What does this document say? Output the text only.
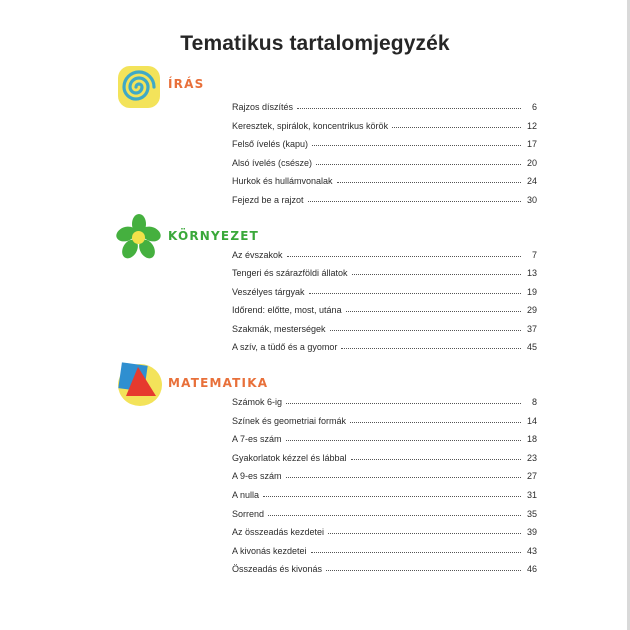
Tematikus tartalomjegyzék
ÍRÁS
KÖRNYEZET
MATEMATIKA
Rajzos díszítés	6
Keresztek, spirálok, koncentrikus körök	12
Felső ívelés (kapu)	17
Alsó ívelés (csésze)	20
Hurkok és hullámvonalak	24
Fejezd be a rajzot	30
Az évszakok	7
Tengeri és szárazföldi állatok	13
Veszélyes tárgyak	19
Időrend: előtte, most, utána	29
Szakmák, mesterségek	37
A szív, a tüdő és a gyomor	45
Számok 6-ig	8
Színek és geometriai formák	14
A 7-es szám	18
Gyakorlatok kézzel és lábbal	23
A 9-es szám	27
A nulla	31
Sorrend	35
Az összeadás kezdetei	39
A kivonás kezdetei	43
Összeadás és kivonás	46
